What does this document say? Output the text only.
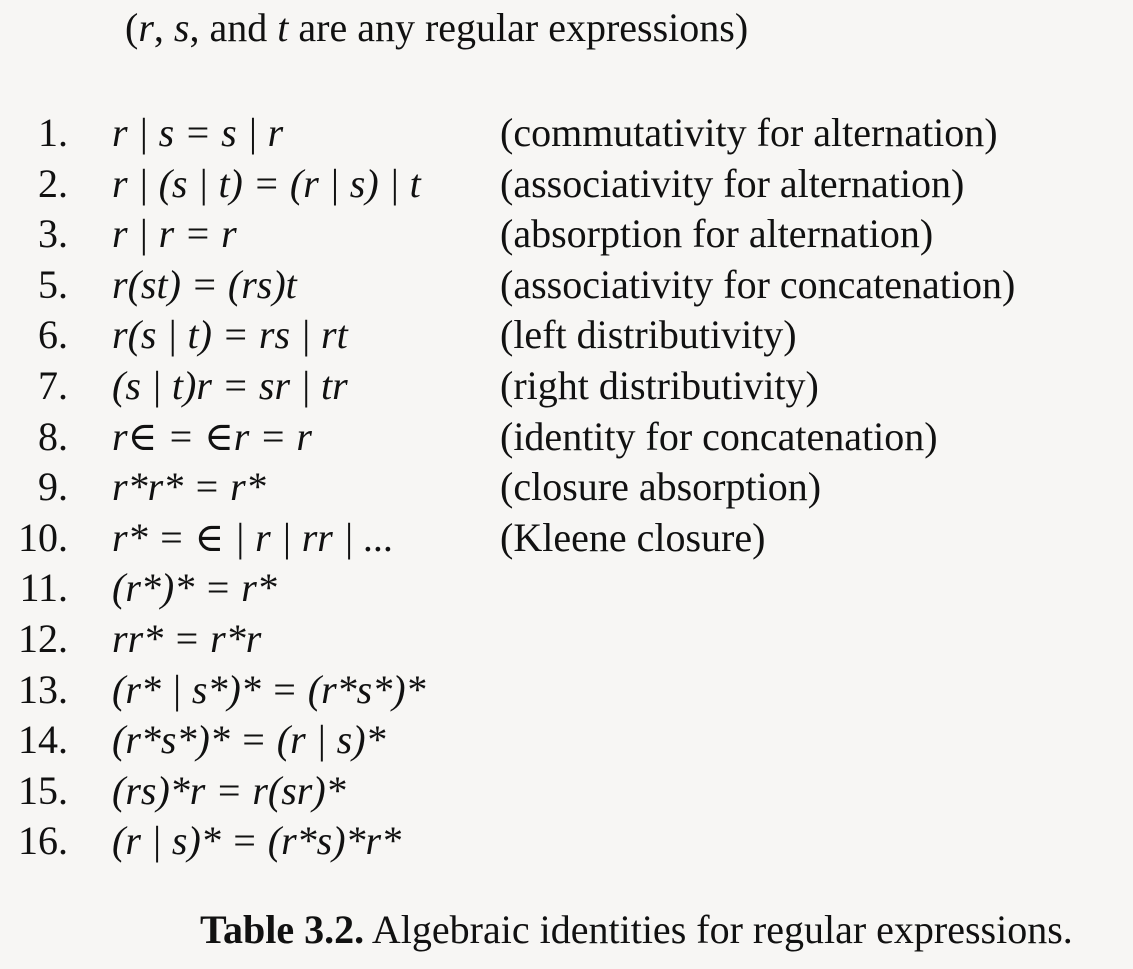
(r, s, and t are any regular expressions)
1. r | s = s | r	(commutativity for alternation)
2. r | (s | t) = (r | s) | t (associativity for alternation)
3. r | r = r	(absorption for alternation)
5. r(st) = (rs)t	(associativity for concatenation)
6. r(s | t) = rs | rt	(left distributivity)
7. (s | t)r = sr | tr	(right distributivity)
8. r∈ = ∈r = r	(identity for concatenation)
9. r*r* = r*	(closure absorption)
10. r* = ∈ | r | rr | ...	(Kleene closure)
11. (r*)* = r*
12. rr* = r*r
13. (r* | s*)* = (r*s*)*
14. (r*s*)* = (r | s)*
15. (rs)*r = r(sr)*
16. (r | s)* = (r*s)*r*
Table 3.2. Algebraic identities for regular expressions.
